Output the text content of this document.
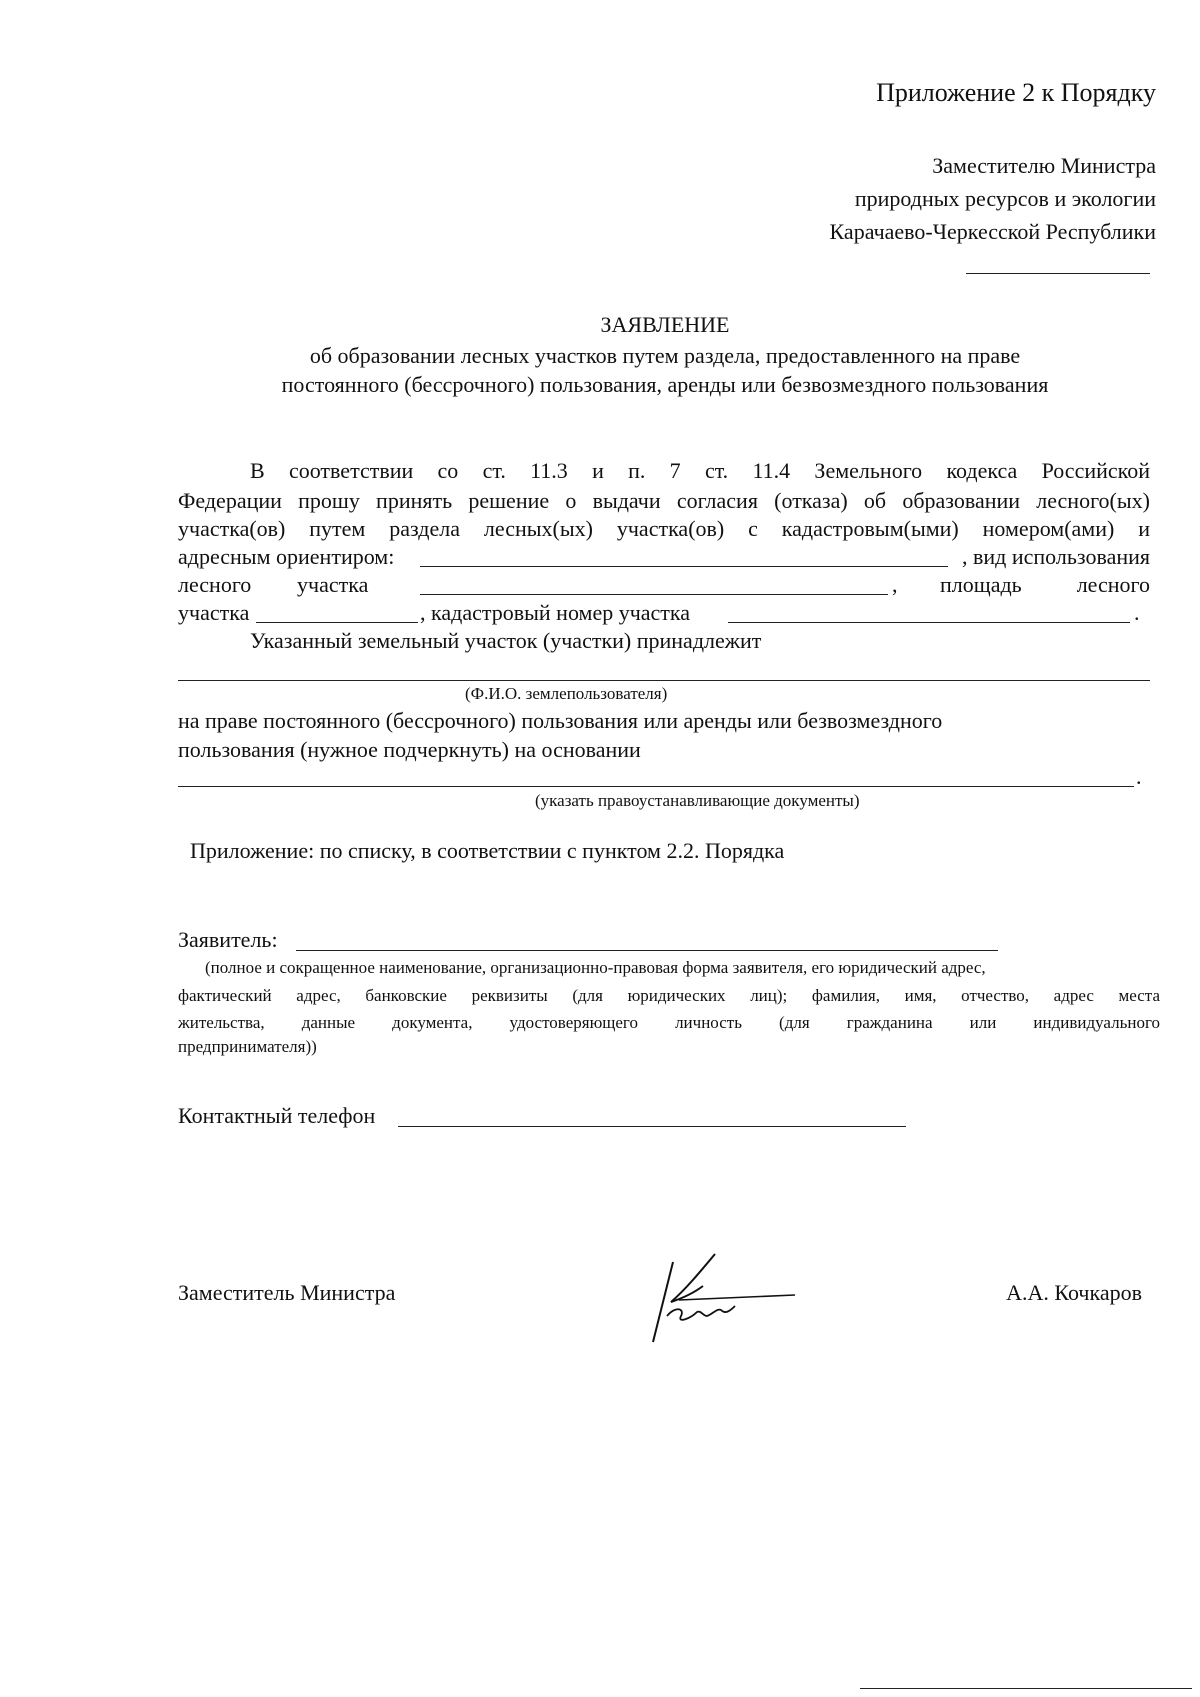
Приложение 2 к Порядку
Заместителю Министра
природных ресурсов и экологии
Карачаево-Черкесской Республики
ЗАЯВЛЕНИЕ
об образовании лесных участков путем раздела, предоставленного на праве
постоянного (бессрочного) пользования, аренды или безвозмездного пользования
В соответствии со ст. 11.3 и п. 7 ст. 11.4 Земельного кодекса Российской
Федерации прошу принять решение о выдачи согласия (отказа) об образовании лесного(ых)
участка(ов) путем раздела лесных(ых) участка(ов) с кадастровым(ыми) номером(ами) и
адресным ориентиром:	, вид использования
лесного участка	, площадь	лесного
участка	, кадастровый номер участка	.
Указанный земельный участок (участки) принадлежит
(Ф.И.О. землепользователя)
на праве постоянного (бессрочного) пользования или аренды или безвозмездного
пользования (нужное подчеркнуть) на основании
.
(указать правоустанавливающие документы)
Приложение: по списку, в соответствии с пунктом 2.2. Порядка
Заявитель:
(полное и сокращенное наименование, организационно-правовая форма заявителя, его юридический адрес,
фактический адрес, банковские реквизиты (для юридических лиц); фамилия, имя, отчество, адрес места
жительства, данные документа, удостоверяющего личность (для гражданина или индивидуального
предпринимателя))
Контактный телефон
Заместитель Министра	А.А. Кочкаров
